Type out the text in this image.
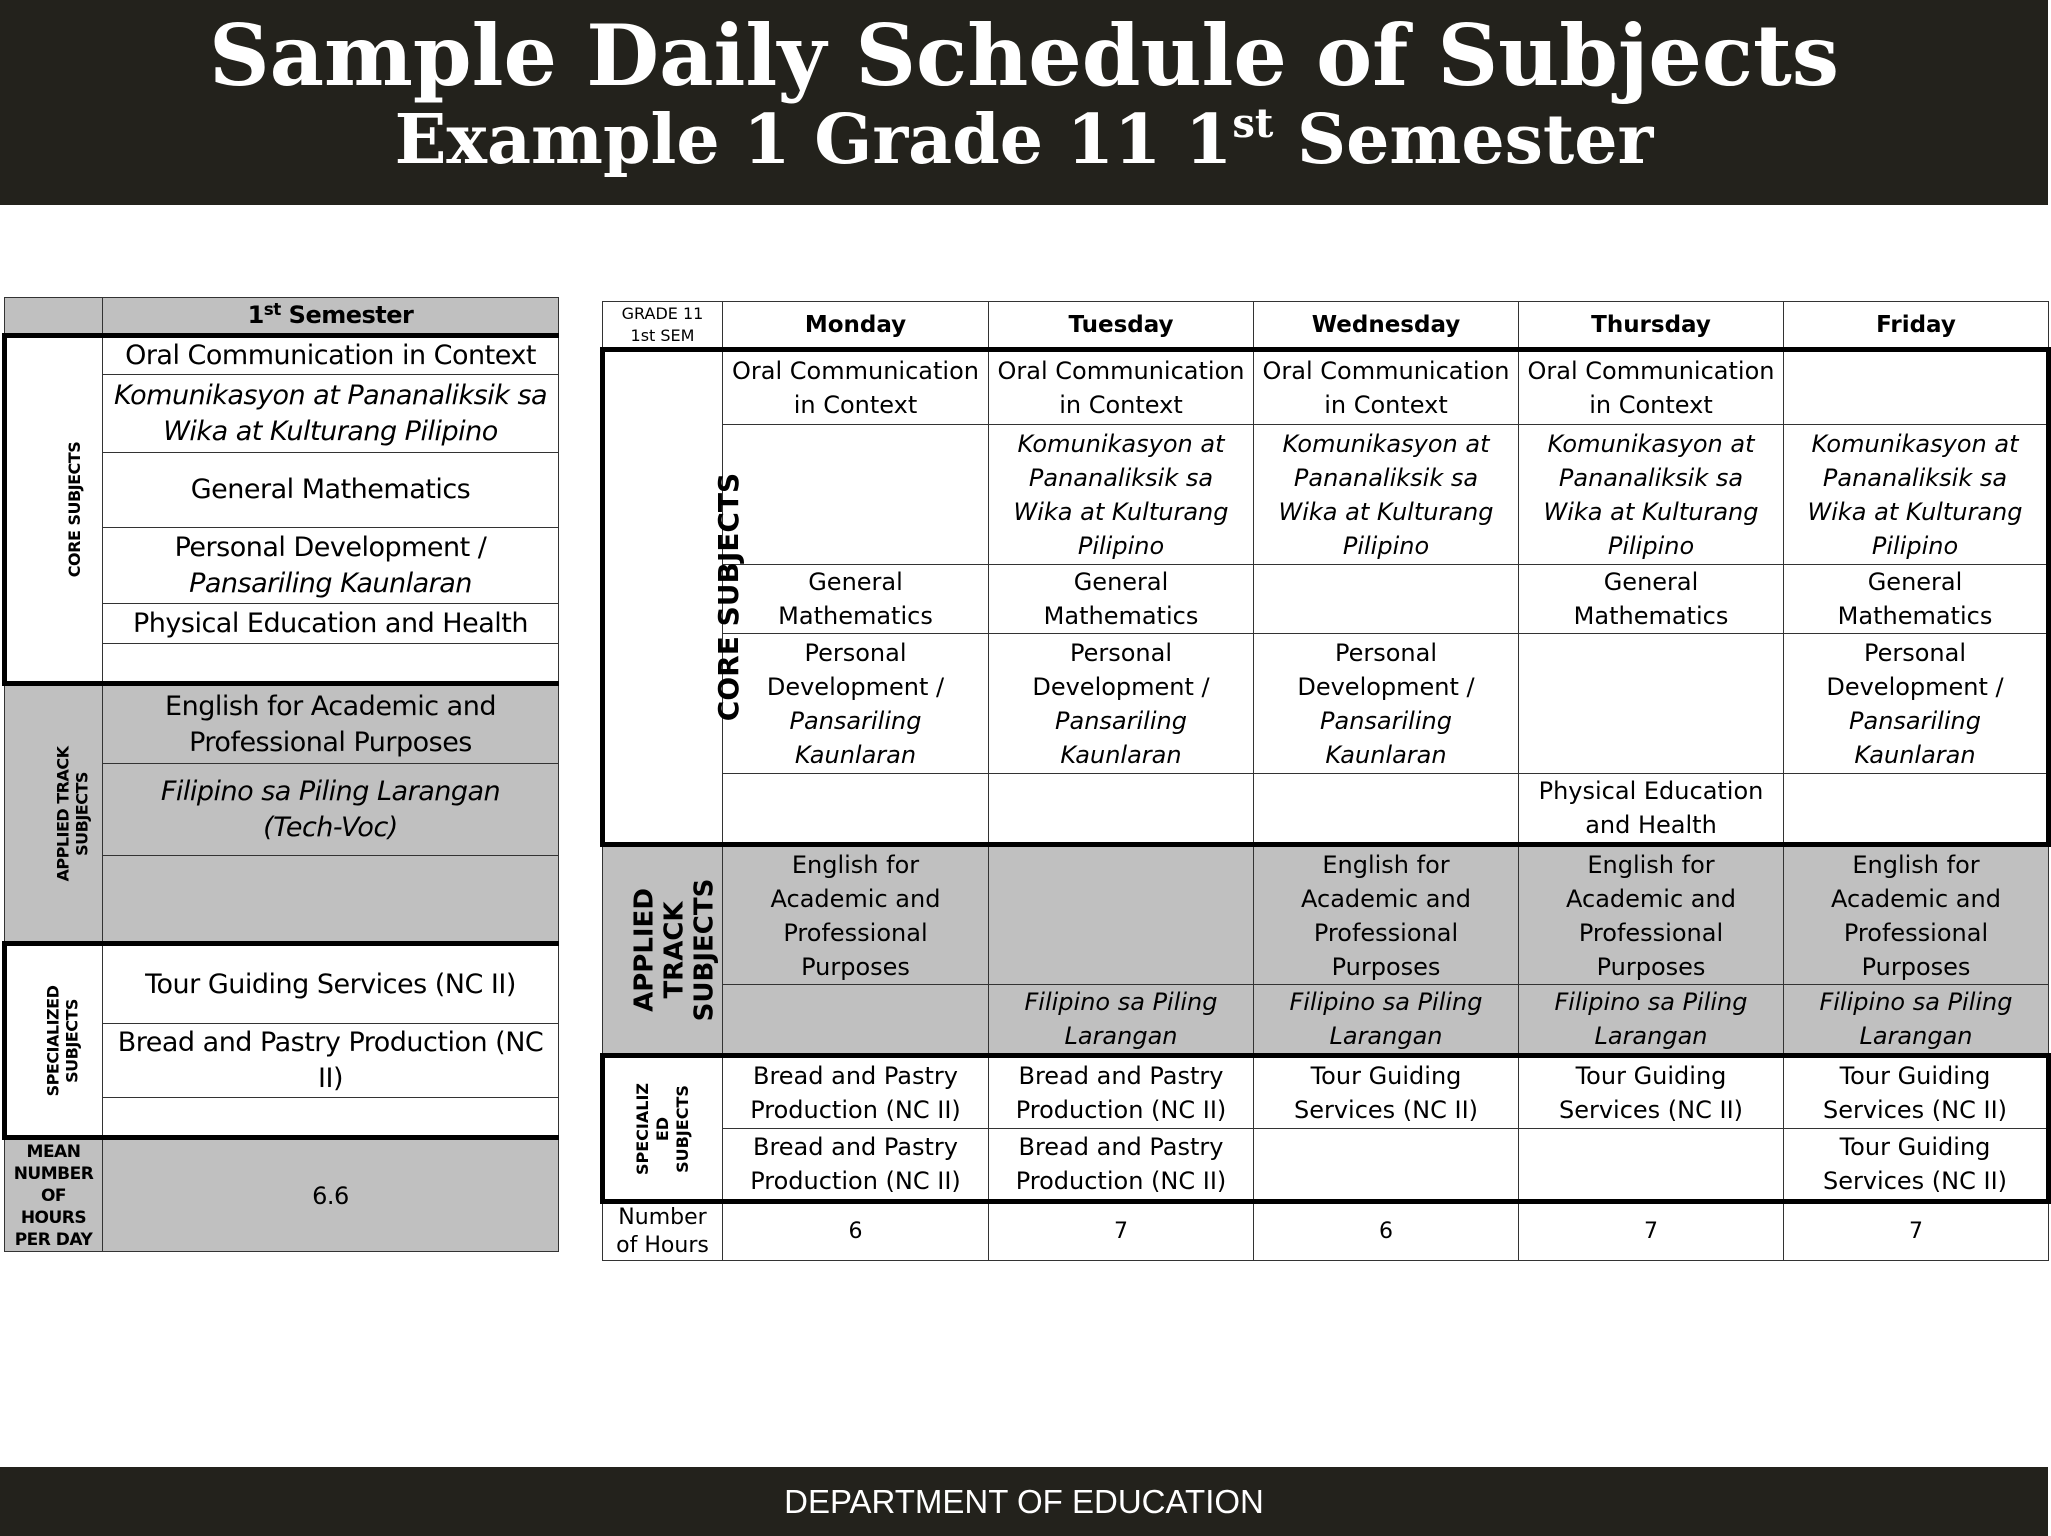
Sample Daily Schedule of Subjects
Example 1 Grade 11 1st Semester
	1st Semester
CORE SUBJECTS	Oral Communication in Context
	Komunikasyon at Pananaliksik sa
Wika at Kulturang Pilipino
	General Mathematics
	Personal Development /
Pansariling Kaunlaran
	Physical Education and Health

APPLIED TRACK
SUBJECTS	English for Academic and
Professional Purposes
	Filipino sa Piling Larangan
(Tech-Voc)

SPECIALIZED
SUBJECTS	Tour Guiding Services (NC II)
	Bread and Pastry Production (NC II)

MEAN
NUMBER
OF
HOURS
PER DAY	6.6
GRADE 11
1st SEM	Monday	Tuesday	Wednesday	Thursday	Friday
CORE SUBJECTS	Oral Communication
in Context	Oral Communication
in Context	Oral Communication
in Context	Oral Communication
in Context	
		Komunikasyon at
Pananaliksik sa
Wika at Kulturang
Pilipino	Komunikasyon at
Pananaliksik sa
Wika at Kulturang
Pilipino	Komunikasyon at
Pananaliksik sa
Wika at Kulturang
Pilipino	Komunikasyon at
Pananaliksik sa
Wika at Kulturang
Pilipino
	General
Mathematics	General
Mathematics		General
Mathematics	General
Mathematics
	Personal
Development /
Pansariling
Kaunlaran	Personal
Development /
Pansariling
Kaunlaran	Personal
Development /
Pansariling
Kaunlaran		Personal
Development /
Pansariling
Kaunlaran
				Physical Education
and Health	
APPLIED
TRACK
SUBJECTS	English for
Academic and
Professional
Purposes		English for
Academic and
Professional
Purposes	English for
Academic and
Professional
Purposes	English for
Academic and
Professional
Purposes
		Filipino sa Piling
Larangan	Filipino sa Piling
Larangan	Filipino sa Piling
Larangan	Filipino sa Piling
Larangan
SPECIALIZ
ED
SUBJECTS	Bread and Pastry
Production (NC II)	Bread and Pastry
Production (NC II)	Tour Guiding
Services (NC II)	Tour Guiding
Services (NC II)	Tour Guiding
Services (NC II)
	Bread and Pastry
Production (NC II)	Bread and Pastry
Production (NC II)			Tour Guiding
Services (NC II)
Number
of Hours	6	7	6	7	7
DEPARTMENT OF EDUCATION
